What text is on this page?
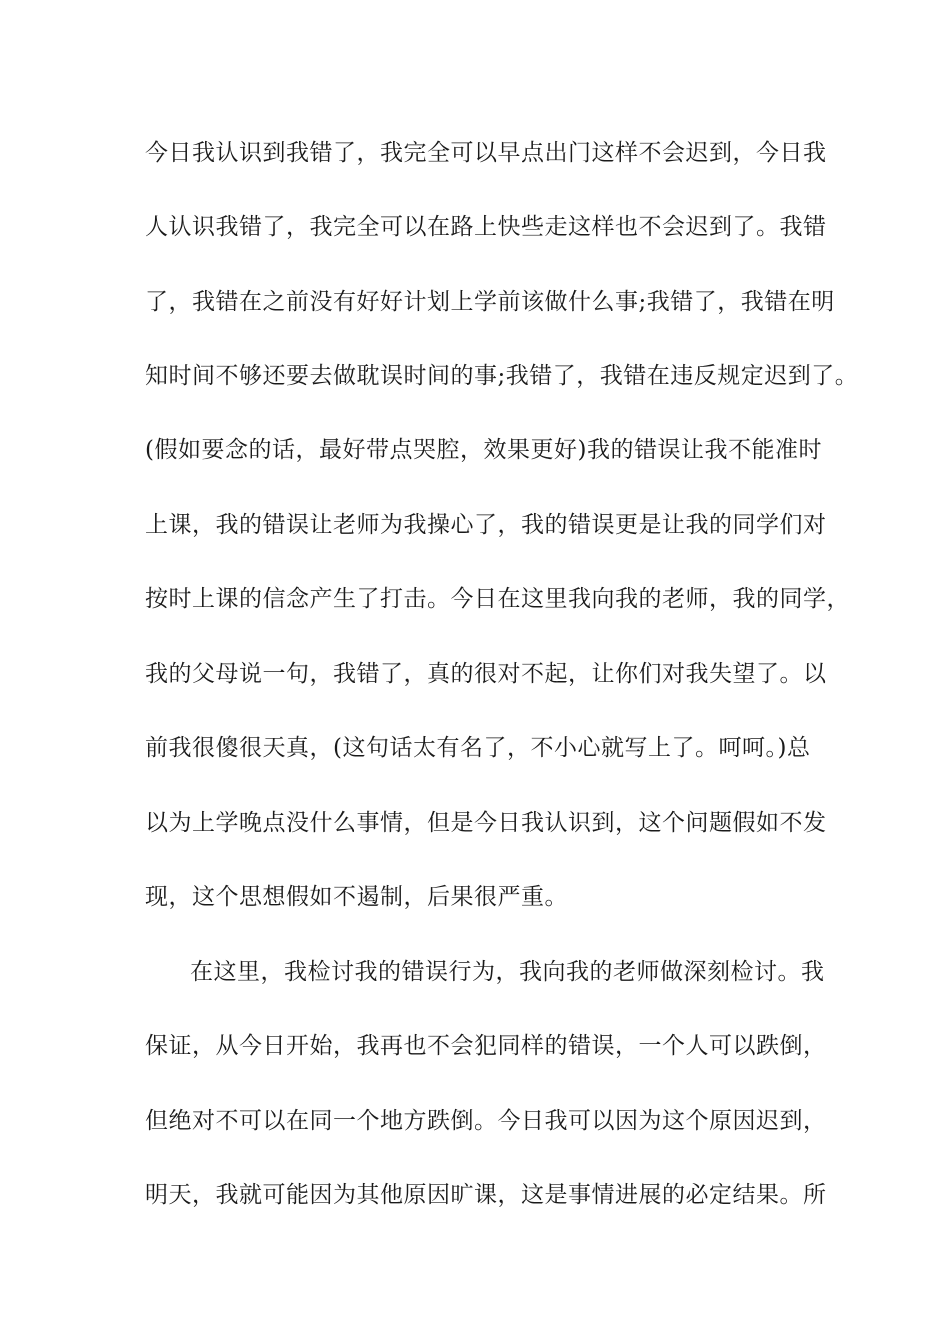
今日我认识到我错了，我完全可以早点出门这样不会迟到，今日我
人认识我错了，我完全可以在路上快些走这样也不会迟到了。我错
了，我错在之前没有好好计划上学前该做什么事;我错了，我错在明
知时间不够还要去做耽误时间的事;我错了，我错在违反规定迟到了。
(假如要念的话，最好带点哭腔，效果更好)我的错误让我不能准时
上课，我的错误让老师为我操心了，我的错误更是让我的同学们对
按时上课的信念产生了打击。今日在这里我向我的老师，我的同学，
我的父母说一句，我错了，真的很对不起，让你们对我失望了。以
前我很傻很天真，(这句话太有名了，不小心就写上了。呵呵。)总
以为上学晚点没什么事情，但是今日我认识到，这个问题假如不发
现，这个思想假如不遏制，后果很严重。
在这里，我检讨我的错误行为，我向我的老师做深刻检讨。我
保证，从今日开始，我再也不会犯同样的错误，一个人可以跌倒，
但绝对不可以在同一个地方跌倒。今日我可以因为这个原因迟到，
明天，我就可能因为其他原因旷课，这是事情进展的必定结果。所
